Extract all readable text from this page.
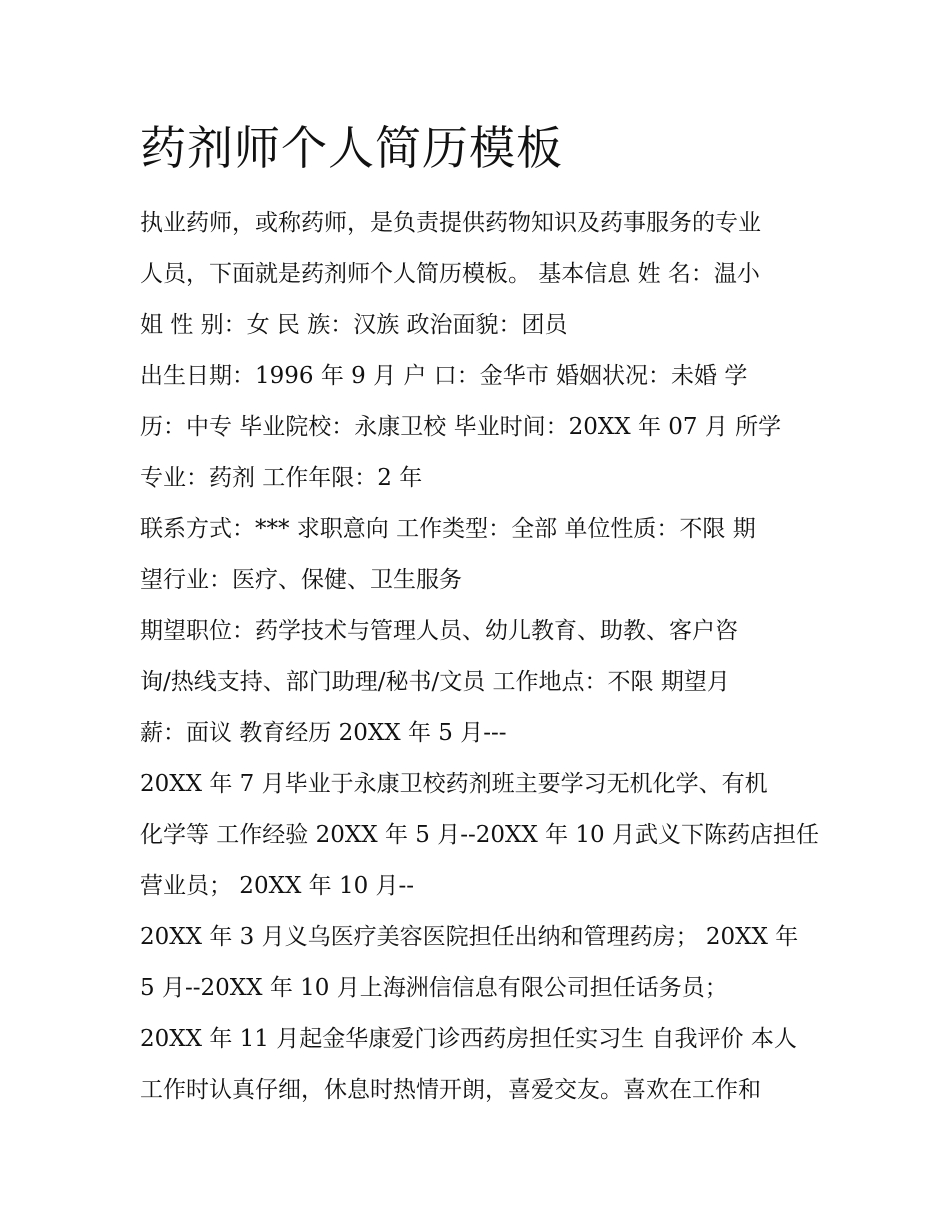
药剂师个人简历模板
执业药师，或称药师，是负责提供药物知识及药事服务的专业
人员，下面就是药剂师个人简历模板。 基本信息 姓 名：温小
姐 性 别：女 民 族：汉族 政治面貌：团员
出生日期：1996 年 9 月 户 口：金华市 婚姻状况：未婚 学
历：中专 毕业院校：永康卫校 毕业时间：20XX 年 07 月 所学
专业：药剂 工作年限：2 年
联系方式：*** 求职意向 工作类型：全部 单位性质：不限 期
望行业：医疗、保健、卫生服务
期望职位：药学技术与管理人员、幼儿教育、助教、客户咨
询/热线支持、部门助理/秘书/文员 工作地点：不限 期望月
薪：面议 教育经历 20XX 年 5 月---
20XX 年 7 月毕业于永康卫校药剂班主要学习无机化学、有机
化学等 工作经验 20XX 年 5 月--20XX 年 10 月武义下陈药店担任
营业员； 20XX 年 10 月--
20XX 年 3 月义乌医疗美容医院担任出纳和管理药房； 20XX 年
5 月--20XX 年 10 月上海洲信信息有限公司担任话务员；
20XX 年 11 月起金华康爱门诊西药房担任实习生 自我评价 本人
工作时认真仔细，休息时热情开朗，喜爱交友。喜欢在工作和
